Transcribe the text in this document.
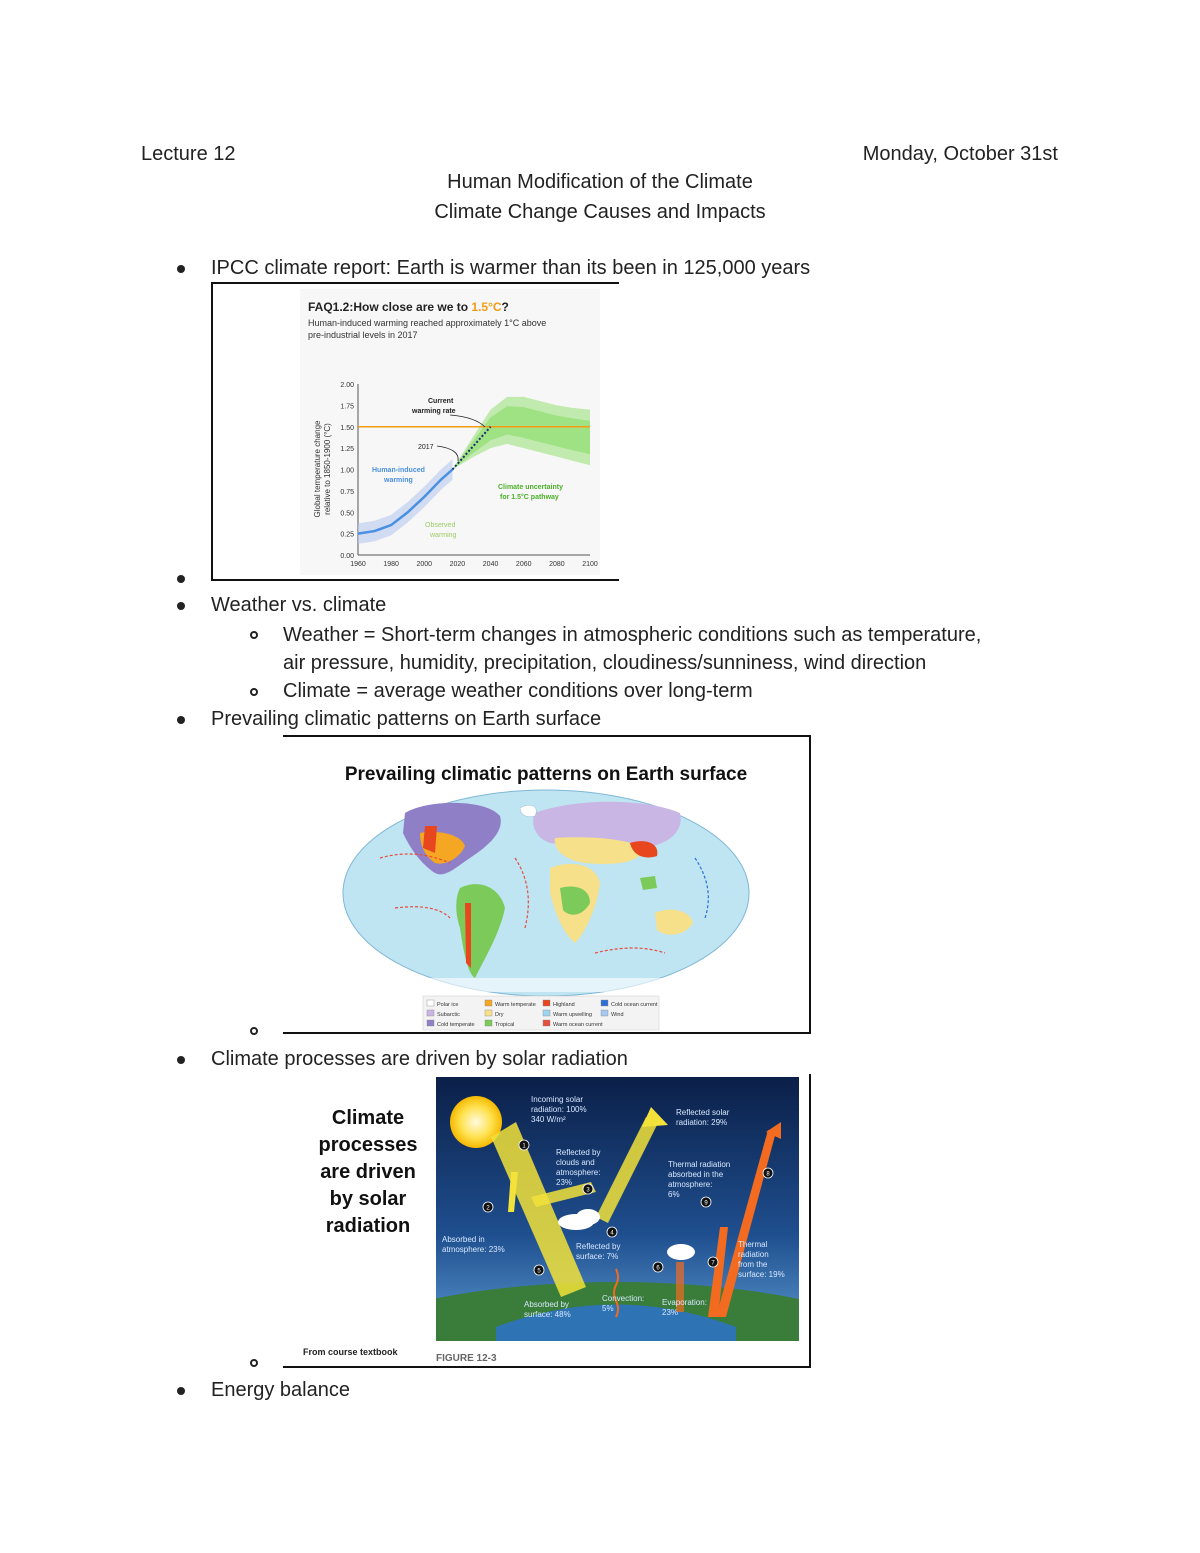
Lecture 12	Monday, October 31st
Human Modification of the Climate
Climate Change Causes and Impacts
IPCC climate report: Earth is warmer than its been in 125,000 years
FAQ1.2:How close are we to 1.5°C?
Human-induced warming reached approximately 1°C above
pre-industrial levels in 2017
Global temperature change relative to 1850-1900 (°C)
0.00
0.25
0.50
0.75
1.00
1.25
1.50
1.75
2.00
1960	1980	2000	2020	2040	2060	2080	2100
Current
warming rate
2017
Human-induced
warming
Climate uncertainty
for 1.5°C pathway
Observed
warming
Weather vs. climate
Weather = Short-term changes in atmospheric conditions such as temperature,
air pressure, humidity, precipitation, cloudiness/sunniness, wind direction
Climate = average weather conditions over long-term
Prevailing climatic patterns on Earth surface
Prevailing climatic patterns on Earth surface
Polar ice
Subarctic
Cold temperate
Warm temperate
Dry
Tropical
Highland
Warm upwelling
Warm ocean current
Cold ocean current
Wind
Climate processes are driven by solar radiation
Climate
processes
are driven
by solar
radiation
From course textbook
FIGURE 12-3
Incoming solar
radiation: 100%
340 W/m²
Reflected by
clouds and
atmosphere:
23%
Reflected solar
radiation: 29%
Thermal radiation
absorbed in the
atmosphere:
6%
Absorbed in
atmosphere: 23%	Reflected by
surface: 7%
Thermal
radiation
from the
surface: 19%
Absorbed by
surface: 48%
Convection:
5%
Evaporation:
23%
1
2
3
4
5	6
7
8
9
Energy balance
